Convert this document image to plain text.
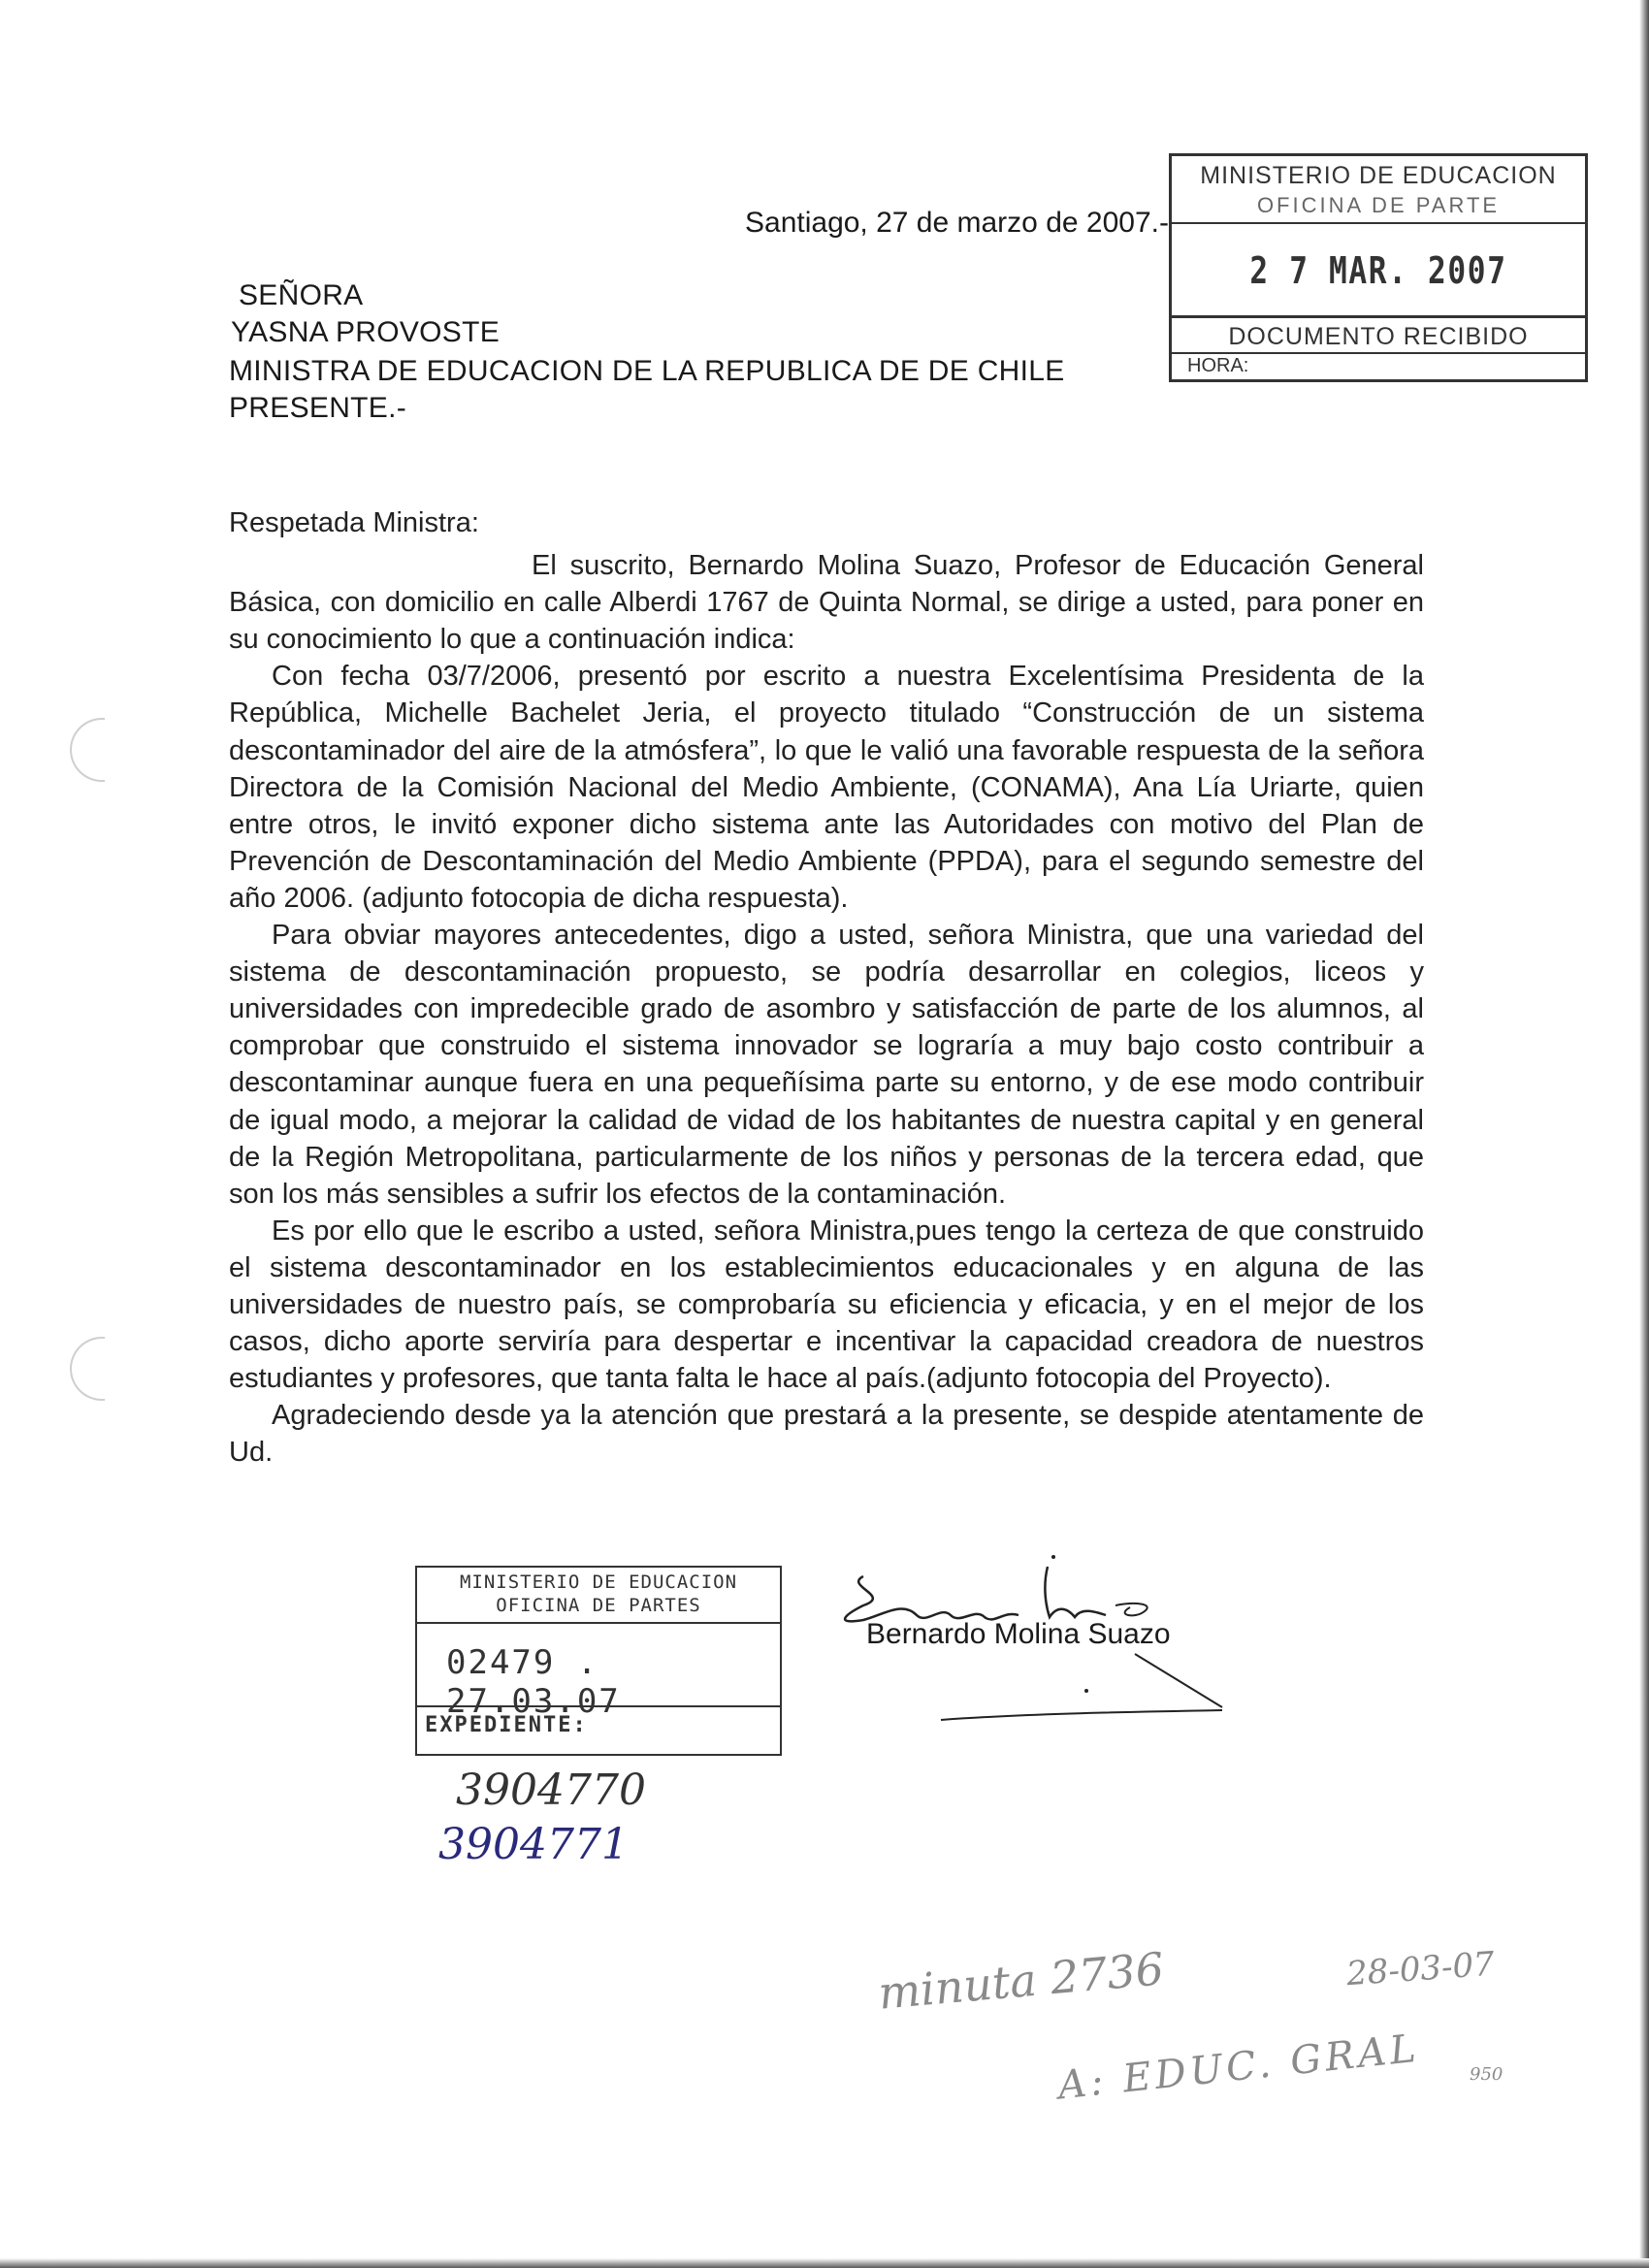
MINISTERIO DE EDUCACION
OFICINA DE PARTE
2 7 MAR. 2007
DOCUMENTO RECIBIDO
HORA:
Santiago, 27 de marzo de 2007.-
SEÑORA
YASNA PROVOSTE
MINISTRA DE EDUCACION DE LA REPUBLICA DE DE CHILE
PRESENTE.-

Respetada Ministra:

El suscrito, Bernardo Molina Suazo, Profesor de Educación General Básica, con domicilio en calle Alberdi 1767 de Quinta Normal, se dirige a usted, para poner en su conocimiento lo que a continuación indica:

Con fecha 03/7/2006, presentó por escrito a nuestra Excelentísima Presidenta de la República, Michelle Bachelet Jeria, el proyecto titulado “Construcción de un sistema descontaminador del aire de la atmósfera”, lo que le valió una favorable respuesta de la señora Directora de la Comisión Nacional del Medio Ambiente, (CONAMA), Ana Lía Uriarte, quien entre otros, le invitó exponer dicho sistema ante las Autoridades con motivo del Plan de Prevención de Descontaminación del Medio Ambiente (PPDA), para el segundo semestre del año 2006. (adjunto fotocopia de dicha respuesta).

Para obviar mayores antecedentes, digo a usted, señora Ministra, que una variedad del sistema de descontaminación propuesto, se podría desarrollar en colegios, liceos y universidades con impredecible grado de asombro y satisfacción de parte de los alumnos, al comprobar que construido el sistema innovador se lograría a muy bajo costo contribuir a descontaminar aunque fuera en una pequeñísima parte su entorno, y de ese modo contribuir de igual modo, a mejorar la calidad de vidad de los habitantes de nuestra capital y en general de la Región Metropolitana, particularmente de los niños y personas de la tercera edad, que son los más sensibles a sufrir los efectos de la contaminación.

Es por ello que le escribo a usted, señora Ministra,pues tengo la certeza de que construido el sistema descontaminador en los establecimientos educacionales y en alguna de las universidades de nuestro país, se comprobaría su eficiencia y eficacia, y en el mejor de los casos, dicho aporte serviría para despertar e incentivar la capacidad creadora de nuestros estudiantes y profesores, que tanta falta le hace al país.(adjunto fotocopia del Proyecto).

Agradeciendo desde ya la atención que prestará a la presente, se despide atentamente de Ud.

MINISTERIO DE EDUCACION
OFICINA DE PARTES
02479 . 27.03.07
EXPEDIENTE:
Bernardo Molina Suazo
3904770
3904771
minuta 2736	28-03-07
A: EDUC. GRAL	950
